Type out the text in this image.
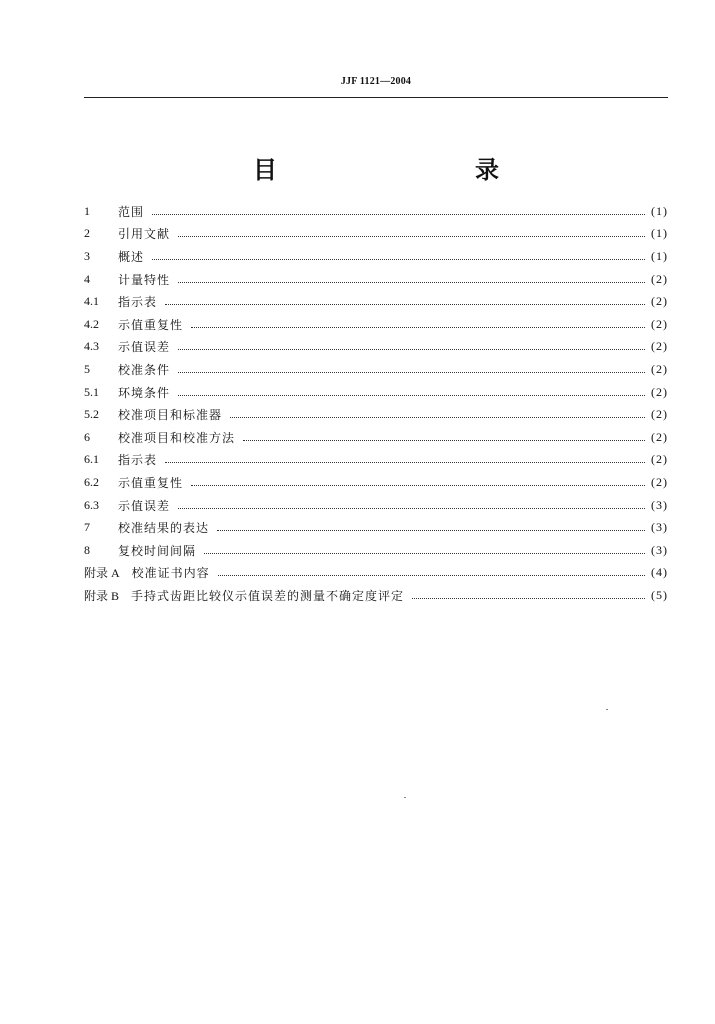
JJF 1121—2004
目　　录
1	范围	(1)
2	引用文献	(1)
3	概述	(1)
4	计量特性	(2)
4.1	指示表	(2)
4.2	示值重复性	(2)
4.3	示值误差	(2)
5	校准条件	(2)
5.1	环境条件	(2)
5.2	校准项目和标准器	(2)
6	校准项目和校准方法	(2)
6.1	指示表	(2)
6.2	示值重复性	(2)
6.3	示值误差	(3)
7	校准结果的表达	(3)
8	复校时间间隔	(3)
附录 A 校准证书内容	(4)
附录 B 手持式齿距比较仪示值误差的测量不确定度评定	(5)
